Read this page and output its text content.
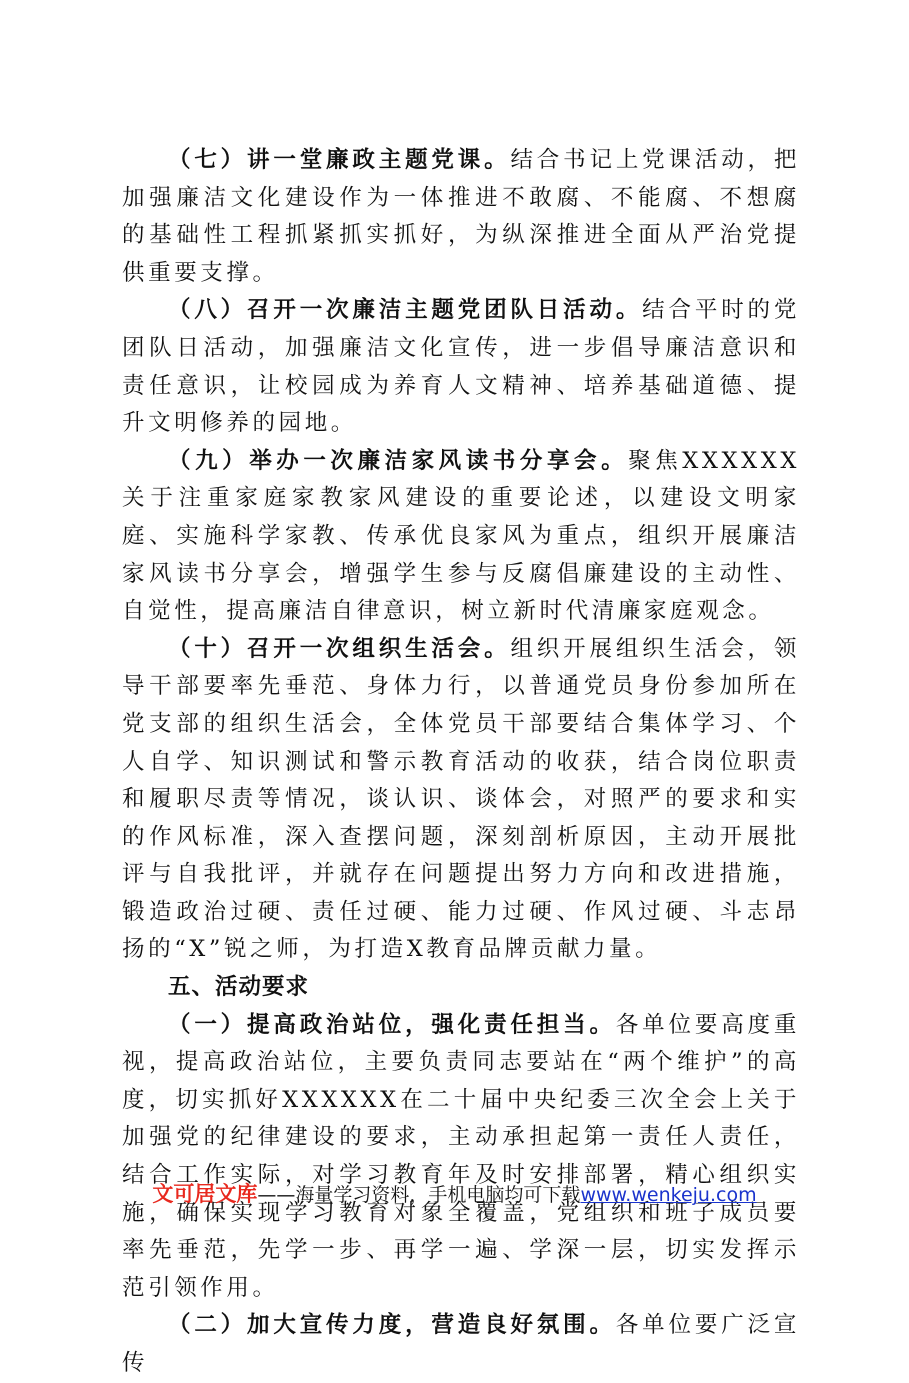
（七）讲一堂廉政主题党课。结合书记上党课活动，把加强廉洁文化建设作为一体推进不敢腐、不能腐、不想腐的基础性工程抓紧抓实抓好，为纵深推进全面从严治党提供重要支撑。

（八）召开一次廉洁主题党团队日活动。结合平时的党团队日活动，加强廉洁文化宣传，进一步倡导廉洁意识和责任意识，让校园成为养育人文精神、培养基础道德、提升文明修养的园地。

（九）举办一次廉洁家风读书分享会。聚焦XXXXXX关于注重家庭家教家风建设的重要论述，以建设文明家庭、实施科学家教、传承优良家风为重点，组织开展廉洁家风读书分享会，增强学生参与反腐倡廉建设的主动性、自觉性，提高廉洁自律意识，树立新时代清廉家庭观念。

（十）召开一次组织生活会。组织开展组织生活会，领导干部要率先垂范、身体力行，以普通党员身份参加所在党支部的组织生活会，全体党员干部要结合集体学习、个人自学、知识测试和警示教育活动的收获，结合岗位职责和履职尽责等情况，谈认识、谈体会，对照严的要求和实的作风标准，深入查摆问题，深刻剖析原因，主动开展批评与自我批评，并就存在问题提出努力方向和改进措施，锻造政治过硬、责任过硬、能力过硬、作风过硬、斗志昂扬的“X”锐之师，为打造X教育品牌贡献力量。

五、活动要求

（一）提高政治站位，强化责任担当。各单位要高度重视，提高政治站位，主要负责同志要站在“两个维护”的高度，切实抓好XXXXXX在二十届中央纪委三次全会上关于加强党的纪律建设的要求，主动承担起第一责任人责任，结合工作实际，对学习教育年及时安排部署，精心组织实施，确保实现学习教育对象全覆盖，党组织和班子成员要率先垂范，先学一步、再学一遍、学深一层，切实发挥示范引领作用。

（二）加大宣传力度，营造良好氛围。各单位要广泛宣传

文可居文库——海量学习资料，手机电脑均可下载www.wenkeju.com
